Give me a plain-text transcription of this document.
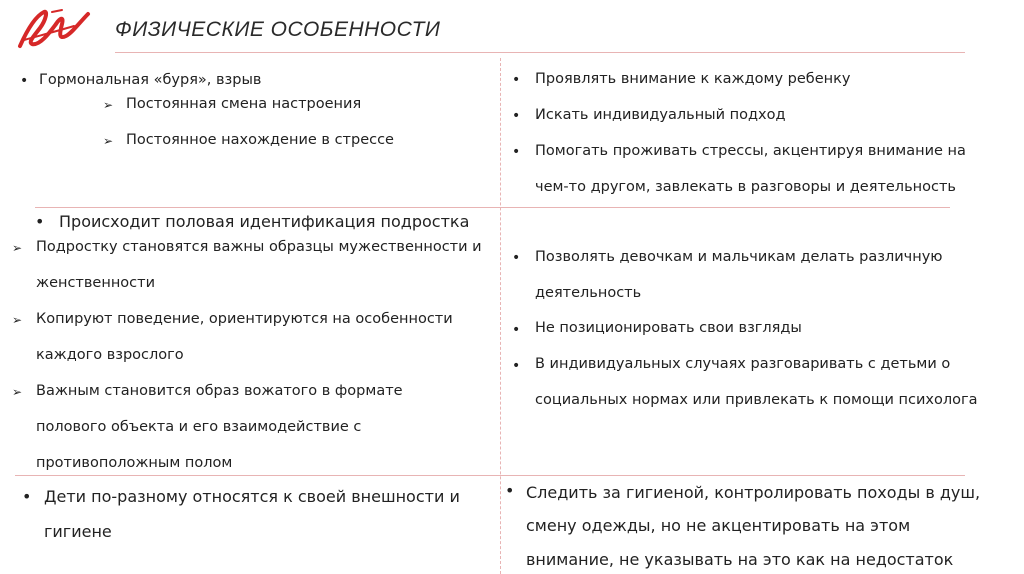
ФИЗИЧЕСКИЕ ОСОБЕННОСТИ
• Гормональная «буря», взрыв
➢ Постоянная смена настроения
➢ Постоянное нахождение в стрессе
• Происходит половая идентификация подростка
➢ Подростку становятся важны образцы мужественности и
женственности
➢ Копируют поведение, ориентируются на особенности
каждого взрослого
➢ Важным становится образ вожатого в формате
полового объекта и его взаимодействие с
противоположным полом
• Дети по-разному относятся к своей внешности и
гигиене
• Проявлять внимание к каждому ребенку
• Искать индивидуальный подход
• Помогать проживать стрессы, акцентируя внимание на
чем-то другом, завлекать в разговоры и деятельность
• Позволять девочкам и мальчикам делать различную
деятельность
• Не позиционировать свои взгляды
• В индивидуальных случаях разговаривать с детьми о
социальных нормах или привлекать к помощи психолога
• Следить за гигиеной, контролировать походы в душ,
смену одежды, но не акцентировать на этом
внимание, не указывать на это как на недостаток
